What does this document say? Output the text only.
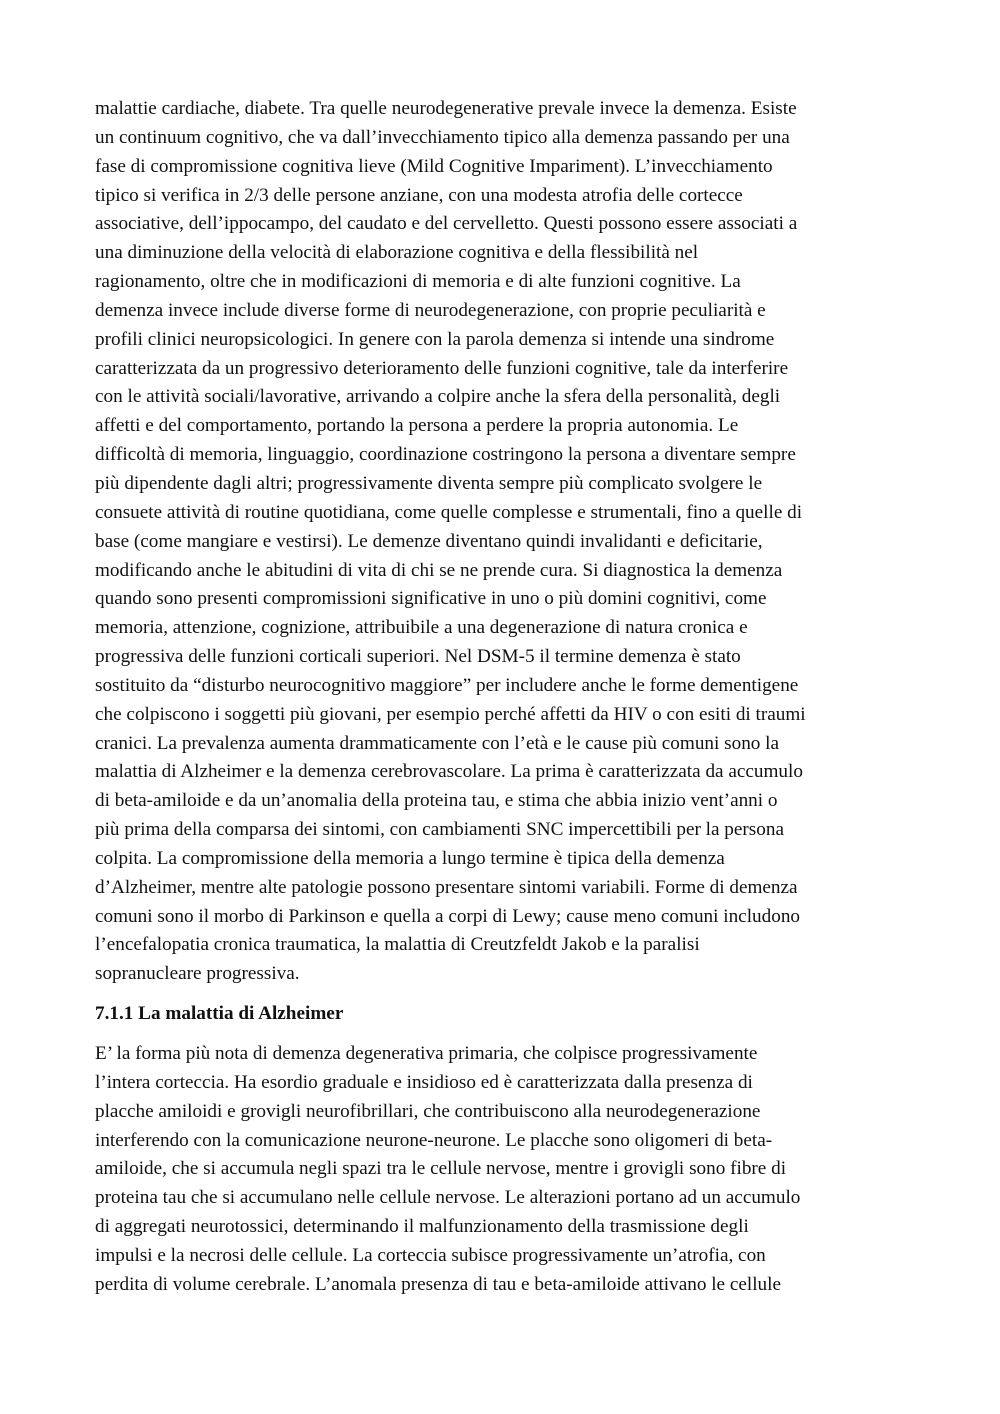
malattie cardiache, diabete. Tra quelle neurodegenerative prevale invece la demenza. Esiste
un continuum cognitivo, che va dall’invecchiamento tipico alla demenza passando per una
fase di compromissione cognitiva lieve (Mild Cognitive Impariment). L’invecchiamento
tipico si verifica in 2/3 delle persone anziane, con una modesta atrofia delle cortecce
associative, dell’ippocampo, del caudato e del cervelletto. Questi possono essere associati a
una diminuzione della velocità di elaborazione cognitiva e della flessibilità nel
ragionamento, oltre che in modificazioni di memoria e di alte funzioni cognitive. La
demenza invece include diverse forme di neurodegenerazione, con proprie peculiarità e
profili clinici neuropsicologici. In genere con la parola demenza si intende una sindrome
caratterizzata da un progressivo deterioramento delle funzioni cognitive, tale da interferire
con le attività sociali/lavorative, arrivando a colpire anche la sfera della personalità, degli
affetti e del comportamento, portando la persona a perdere la propria autonomia. Le
difficoltà di memoria, linguaggio, coordinazione costringono la persona a diventare sempre
più dipendente dagli altri; progressivamente diventa sempre più complicato svolgere le
consuete attività di routine quotidiana, come quelle complesse e strumentali, fino a quelle di
base (come mangiare e vestirsi). Le demenze diventano quindi invalidanti e deficitarie,
modificando anche le abitudini di vita di chi se ne prende cura. Si diagnostica la demenza
quando sono presenti compromissioni significative in uno o più domini cognitivi, come
memoria, attenzione, cognizione, attribuibile a una degenerazione di natura cronica e
progressiva delle funzioni corticali superiori. Nel DSM-5 il termine demenza è stato
sostituito da “disturbo neurocognitivo maggiore” per includere anche le forme dementigene
che colpiscono i soggetti più giovani, per esempio perché affetti da HIV o con esiti di traumi
cranici. La prevalenza aumenta drammaticamente con l’età e le cause più comuni sono la
malattia di Alzheimer e la demenza cerebrovascolare. La prima è caratterizzata da accumulo
di beta-amiloide e da un’anomalia della proteina tau, e stima che abbia inizio vent’anni o
più prima della comparsa dei sintomi, con cambiamenti SNC impercettibili per la persona
colpita. La compromissione della memoria a lungo termine è tipica della demenza
d’Alzheimer, mentre alte patologie possono presentare sintomi variabili. Forme di demenza
comuni sono il morbo di Parkinson e quella a corpi di Lewy; cause meno comuni includono
l’encefalopatia cronica traumatica, la malattia di Creutzfeldt Jakob e la paralisi
sopranucleare progressiva.
7.1.1 La malattia di Alzheimer
E’ la forma più nota di demenza degenerativa primaria, che colpisce progressivamente
l’intera corteccia. Ha esordio graduale e insidioso ed è caratterizzata dalla presenza di
placche amiloidi e grovigli neurofibrillari, che contribuiscono alla neurodegenerazione
interferendo con la comunicazione neurone-neurone. Le placche sono oligomeri di beta-
amiloide, che si accumula negli spazi tra le cellule nervose, mentre i grovigli sono fibre di
proteina tau che si accumulano nelle cellule nervose. Le alterazioni portano ad un accumulo
di aggregati neurotossici, determinando il malfunzionamento della trasmissione degli
impulsi e la necrosi delle cellule. La corteccia subisce progressivamente un’atrofia, con
perdita di volume cerebrale. L’anomala presenza di tau e beta-amiloide attivano le cellule
